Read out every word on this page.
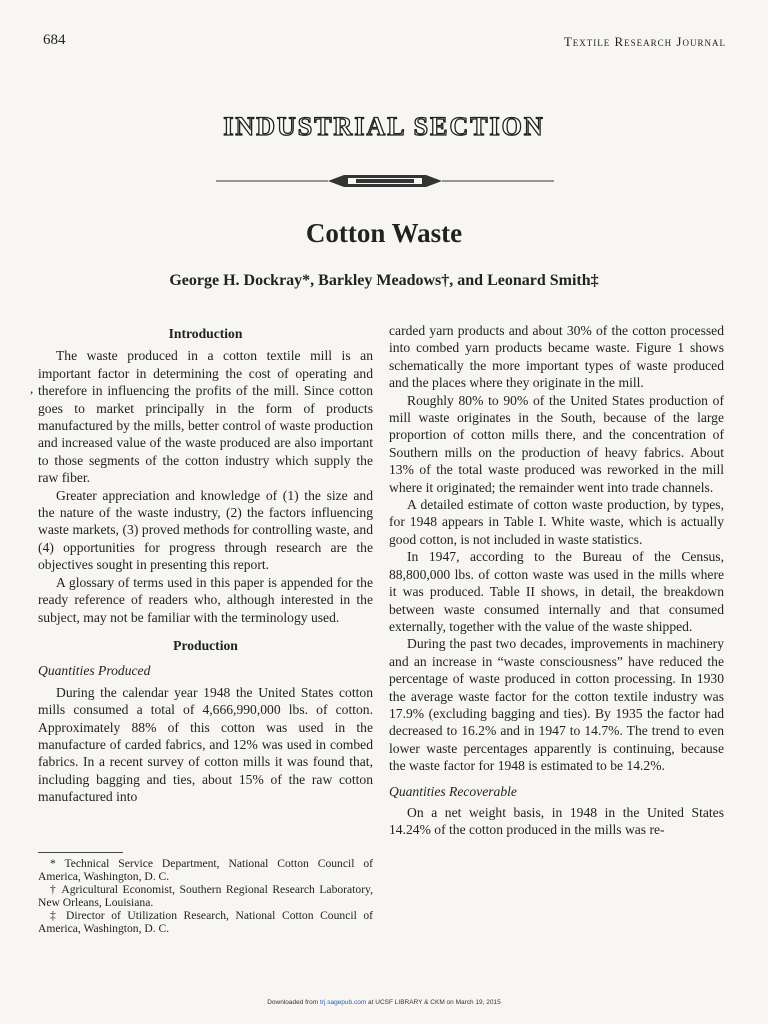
684	Textile Research Journal
INDUSTRIAL SECTION
Cotton Waste
George H. Dockray*, Barkley Meadows†, and Leonard Smith‡
,
Introduction

The waste produced in a cotton textile mill is an important factor in determining the cost of operating and therefore in influencing the profits of the mill. Since cotton goes to market principally in the form of products manufactured by the mills, better control of waste production and increased value of the waste produced are also important to those segments of the cotton industry which supply the raw fiber.

Greater appreciation and knowledge of (1) the size and the nature of the waste industry, (2) the factors influencing waste markets, (3) proved methods for controlling waste, and (4) opportunities for progress through research are the objectives sought in presenting this report.

A glossary of terms used in this paper is appended for the ready reference of readers who, although interested in the subject, may not be familiar with the terminology used.

Production
Quantities Produced

During the calendar year 1948 the United States cotton mills consumed a total of 4,666,990,000 lbs. of cotton. Approximately 88% of this cotton was used in the manufacture of carded fabrics, and 12% was used in combed fabrics. In a recent survey of cotton mills it was found that, including bagging and ties, about 15% of the raw cotton manufactured into

* Technical Service Department, National Cotton Council of America, Washington, D. C.

† Agricultural Economist, Southern Regional Research Laboratory, New Orleans, Louisiana.

‡ Director of Utilization Research, National Cotton Council of America, Washington, D. C.

carded yarn products and about 30% of the cotton processed into combed yarn products became waste. Figure 1 shows schematically the more important types of waste produced and the places where they originate in the mill.

Roughly 80% to 90% of the United States production of mill waste originates in the South, because of the large proportion of cotton mills there, and the concentration of Southern mills on the production of heavy fabrics. About 13% of the total waste produced was reworked in the mill where it originated; the remainder went into trade channels.

A detailed estimate of cotton waste production, by types, for 1948 appears in Table I. White waste, which is actually good cotton, is not included in waste statistics.

In 1947, according to the Bureau of the Census, 88,800,000 lbs. of cotton waste was used in the mills where it was produced. Table II shows, in detail, the breakdown between waste consumed internally and that consumed externally, together with the value of the waste shipped.

During the past two decades, improvements in machinery and an increase in “waste consciousness” have reduced the percentage of waste produced in cotton processing. In 1930 the average waste factor for the cotton textile industry was 17.9% (excluding bagging and ties). By 1935 the factor had decreased to 16.2% and in 1947 to 14.7%. The trend to even lower waste percentages apparently is continuing, because the waste factor for 1948 is estimated to be 14.2%.

Quantities Recoverable

On a net weight basis, in 1948 in the United States 14.24% of the cotton produced in the mills was re-

Downloaded from trj.sagepub.com at UCSF LIBRARY & CKM on March 19, 2015
